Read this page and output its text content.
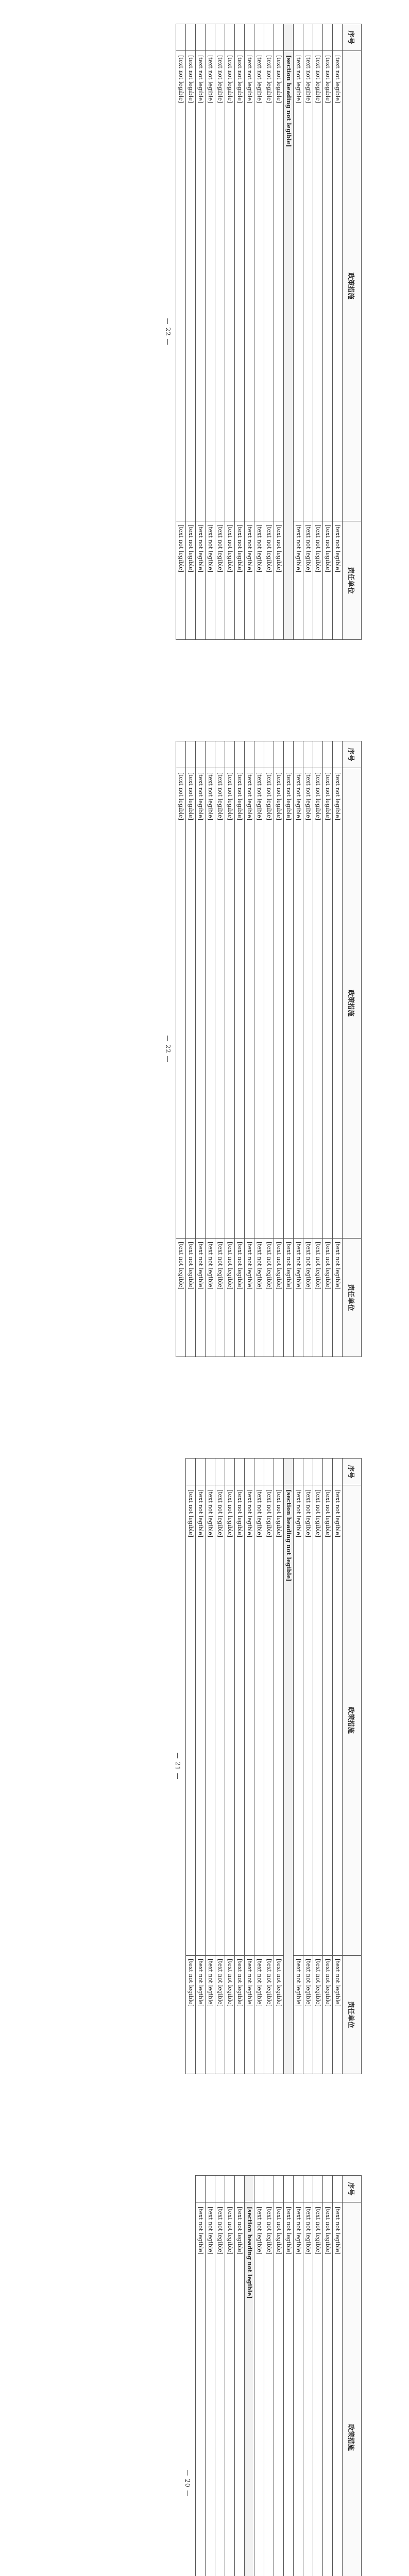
序号	政策措施	责任单位
	[text not legible]	[text not legible]
	[text not legible]	[text not legible]
	[text not legible]	[text not legible]
	[text not legible]	[text not legible]
	[text not legible]	[text not legible]
	[section heading not legible]	
	[text not legible]	[text not legible]
	[text not legible]	[text not legible]
	[text not legible]	[text not legible]
	[text not legible]	[text not legible]
	[text not legible]	[text not legible]
	[text not legible]	[text not legible]
	[text not legible]	[text not legible]
	[text not legible]	[text not legible]
	[text not legible]	[text not legible]
	[text not legible]	[text not legible]
	[text not legible]	[text not legible]
— 22 —
序号	政策措施	责任单位
	[text not legible]	[text not legible]
	[text not legible]	[text not legible]
	[text not legible]	[text not legible]
	[text not legible]	[text not legible]
	[text not legible]	[text not legible]
	[text not legible]	[text not legible]
	[text not legible]	[text not legible]
	[text not legible]	[text not legible]
	[text not legible]	[text not legible]
	[text not legible]	[text not legible]
	[text not legible]	[text not legible]
	[text not legible]	[text not legible]
	[text not legible]	[text not legible]
	[text not legible]	[text not legible]
	[text not legible]	[text not legible]
	[text not legible]	[text not legible]
	[text not legible]	[text not legible]
— 22 —
序号	政策措施	责任单位
	[text not legible]	[text not legible]
	[text not legible]	[text not legible]
	[text not legible]	[text not legible]
	[text not legible]	[text not legible]
	[text not legible]	[text not legible]
	[section heading not legible]	
	[text not legible]	[text not legible]
	[text not legible]	[text not legible]
	[text not legible]	[text not legible]
	[text not legible]	[text not legible]
	[text not legible]	[text not legible]
	[text not legible]	[text not legible]
	[text not legible]	[text not legible]
	[text not legible]	[text not legible]
	[text not legible]	[text not legible]
	[text not legible]	[text not legible]
— 21 —
序号	政策措施	
	[text not legible]	
	[text not legible]	
	[text not legible]	
	[text not legible]	
	[text not legible]	
	[text not legible]	
	[text not legible]	
	[text not legible]	
	[text not legible]	
	[section heading not legible]	
	[text not legible]	
	[text not legible]	
	[text not legible]	
	[text not legible]	
	[text not legible]	
— 20 —
